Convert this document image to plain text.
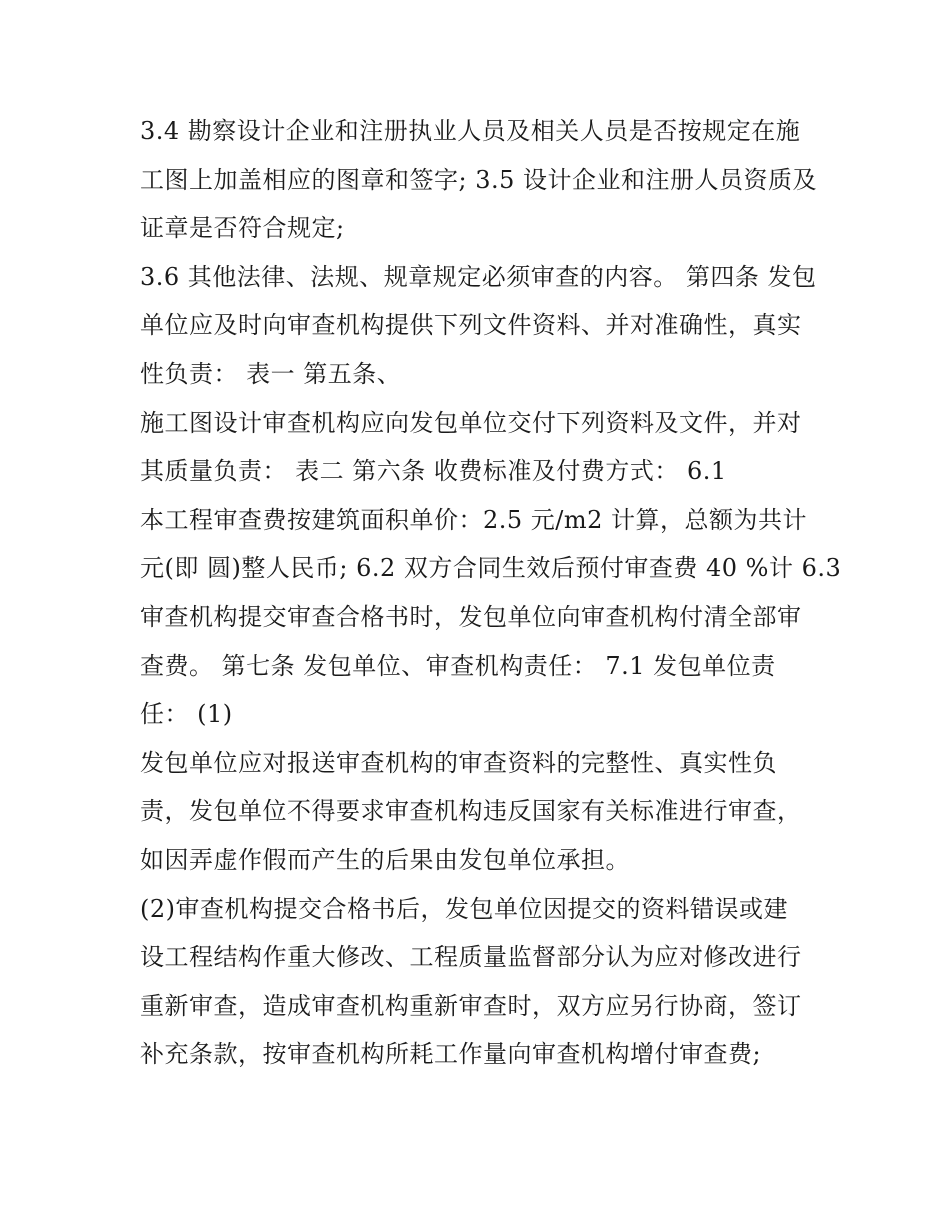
3.4 勘察设计企业和注册执业人员及相关人员是否按规定在施
工图上加盖相应的图章和签字; 3.5 设计企业和注册人员资质及
证章是否符合规定;
3.6 其他法律、法规、规章规定必须审查的内容。 第四条 发包
单位应及时向审查机构提供下列文件资料、并对准确性，真实
性负责： 表一 第五条、
施工图设计审查机构应向发包单位交付下列资料及文件，并对
其质量负责： 表二 第六条 收费标准及付费方式： 6.1
本工程审查费按建筑面积单价：2.5 元/m2 计算，总额为共计
元(即 圆)整人民币; 6.2 双方合同生效后预付审查费 40 %计 6.3
审查机构提交审查合格书时，发包单位向审查机构付清全部审
查费。 第七条 发包单位、审查机构责任： 7.1 发包单位责
任： (1)
发包单位应对报送审查机构的审查资料的完整性、真实性负
责，发包单位不得要求审查机构违反国家有关标准进行审查，
如因弄虚作假而产生的后果由发包单位承担。
(2)审查机构提交合格书后，发包单位因提交的资料错误或建
设工程结构作重大修改、工程质量监督部分认为应对修改进行
重新审查，造成审查机构重新审查时，双方应另行协商，签订
补充条款，按审查机构所耗工作量向审查机构增付审查费;
